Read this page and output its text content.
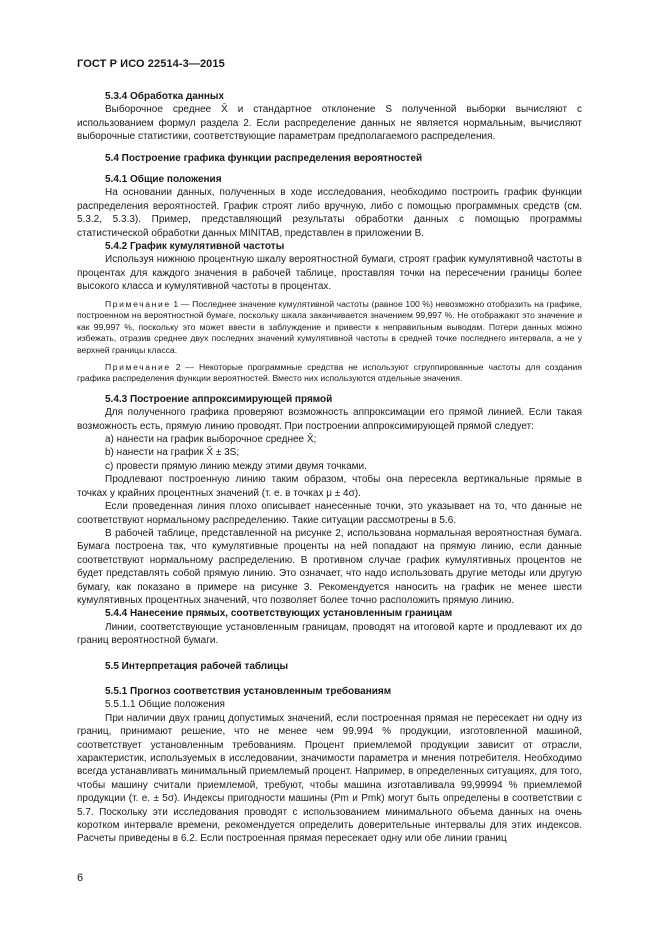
ГОСТ Р ИСО 22514-3—2015

5.3.4 Обработка данных

Выборочное среднее X̄ и стандартное отклонение S полученной выборки вычисляют с использованием формул раздела 2. Если распределение данных не является нормальным, вычисляют выборочные статистики, соответствующие параметрам предполагаемого распределения.

5.4 Построение графика функции распределения вероятностей

5.4.1 Общие положения

На основании данных, полученных в ходе исследования, необходимо построить график функции распределения вероятностей. График строят либо вручную, либо с помощью программных средств (см. 5.3.2, 5.3.3). Пример, представляющий результаты обработки данных с помощью программы статистической обработки данных MINITAB, представлен в приложении В.

5.4.2 График кумулятивной частоты

Используя нижнюю процентную шкалу вероятностной бумаги, строят график кумулятивной частоты в процентах для каждого значения в рабочей таблице, проставляя точки на пересечении границы более высокого класса и кумулятивной частоты в процентах.

Примечание 1 — Последнее значение кумулятивной частоты (равное 100 %) невозможно отобразить на графике, построенном на вероятностной бумаге, поскольку шкала заканчивается значением 99,997 %. Не отображают это значение и как 99,997 %, поскольку это может ввести в заблуждение и привести к неправильным выводам. Потери данных можно избежать, отразив среднее двух последних значений кумулятивной частоты в средней точке последнего интервала, а не у верхней границы класса.

Примечание 2 — Некоторые программные средства не используют сгруппированные частоты для создания графика распределения функции вероятностей. Вместо них используются отдельные значения.

5.4.3 Построение аппроксимирующей прямой

Для полученного графика проверяют возможность аппроксимации его прямой линией. Если такая возможность есть, прямую линию проводят. При построении аппроксимирующей прямой следует:

a) нанести на график выборочное среднее X̄;

b) нанести на график X̄ ± 3S;

c) провести прямую линию между этими двумя точками.

Продлевают построенную линию таким образом, чтобы она пересекла вертикальные прямые в точках у крайних процентных значений (т. е. в точках μ ± 4σ).

Если проведенная линия плохо описывает нанесенные точки, это указывает на то, что данные не соответствуют нормальному распределению. Такие ситуации рассмотрены в 5.6.

В рабочей таблице, представленной на рисунке 2, использована нормальная вероятностная бумага. Бумага построена так, что кумулятивные проценты на ней попадают на прямую линию, если данные соответствуют нормальному распределению. В противном случае график кумулятивных процентов не будет представлять собой прямую линию. Это означает, что надо использовать другие методы или другую бумагу, как показано в примере на рисунке 3. Рекомендуется наносить на график не менее шести кумулятивных процентных значений, что позволяет более точно расположить прямую линию.

5.4.4 Нанесение прямых, соответствующих установленным границам

Линии, соответствующие установленным границам, проводят на итоговой карте и продлевают их до границ вероятностной бумаги.

5.5 Интерпретация рабочей таблицы

5.5.1 Прогноз соответствия установленным требованиям

5.5.1.1 Общие положения

При наличии двух границ допустимых значений, если построенная прямая не пересекает ни одну из границ, принимают решение, что не менее чем 99,994 % продукции, изготовленной машиной, соответствует установленным требованиям. Процент приемлемой продукции зависит от отрасли, характеристик, используемых в исследовании, значимости параметра и мнения потребителя. Необходимо всегда устанавливать минимальный приемлемый процент. Например, в определенных ситуациях, для того, чтобы машину считали приемлемой, требуют, чтобы машина изготавливала 99,99994 % приемлемой продукции (т. е. ± 5σ). Индексы пригодности машины (Pm и Pmk) могут быть определены в соответствии с 5.7. Поскольку эти исследования проводят с использованием минимального объема данных на очень коротком интервале времени, рекомендуется определить доверительные интервалы для этих индексов. Расчеты приведены в 6.2. Если построенная прямая пересекает одну или обе линии границ

6
